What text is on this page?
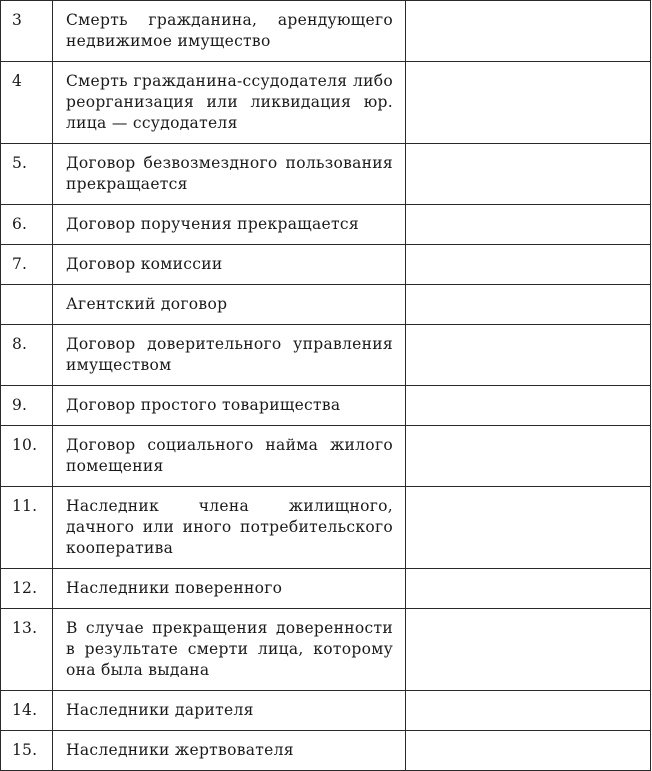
3	Смерть гражданина, арендующего недвижимое имущество	
4	Смерть гражданина-ссудодателя либо реорганизация или ликвидация юр. лица — ссудодателя	
5.	Договор безвозмездного пользования прекращается	
6.	Договор поручения прекращается	
7.	Договор комиссии	
	Агентский договор	
8.	Договор доверительного управления имуществом	
9.	Договор простого товарищества	
10.	Договор социального найма жилого помещения	
11.	Наследник члена жилищного, дачного или иного потребительского кооператива	
12.	Наследники поверенного	
13.	В случае прекращения доверенности в результате смерти лица, которому она была выдана	
14.	Наследники дарителя	
15.	Наследники жертвователя	
